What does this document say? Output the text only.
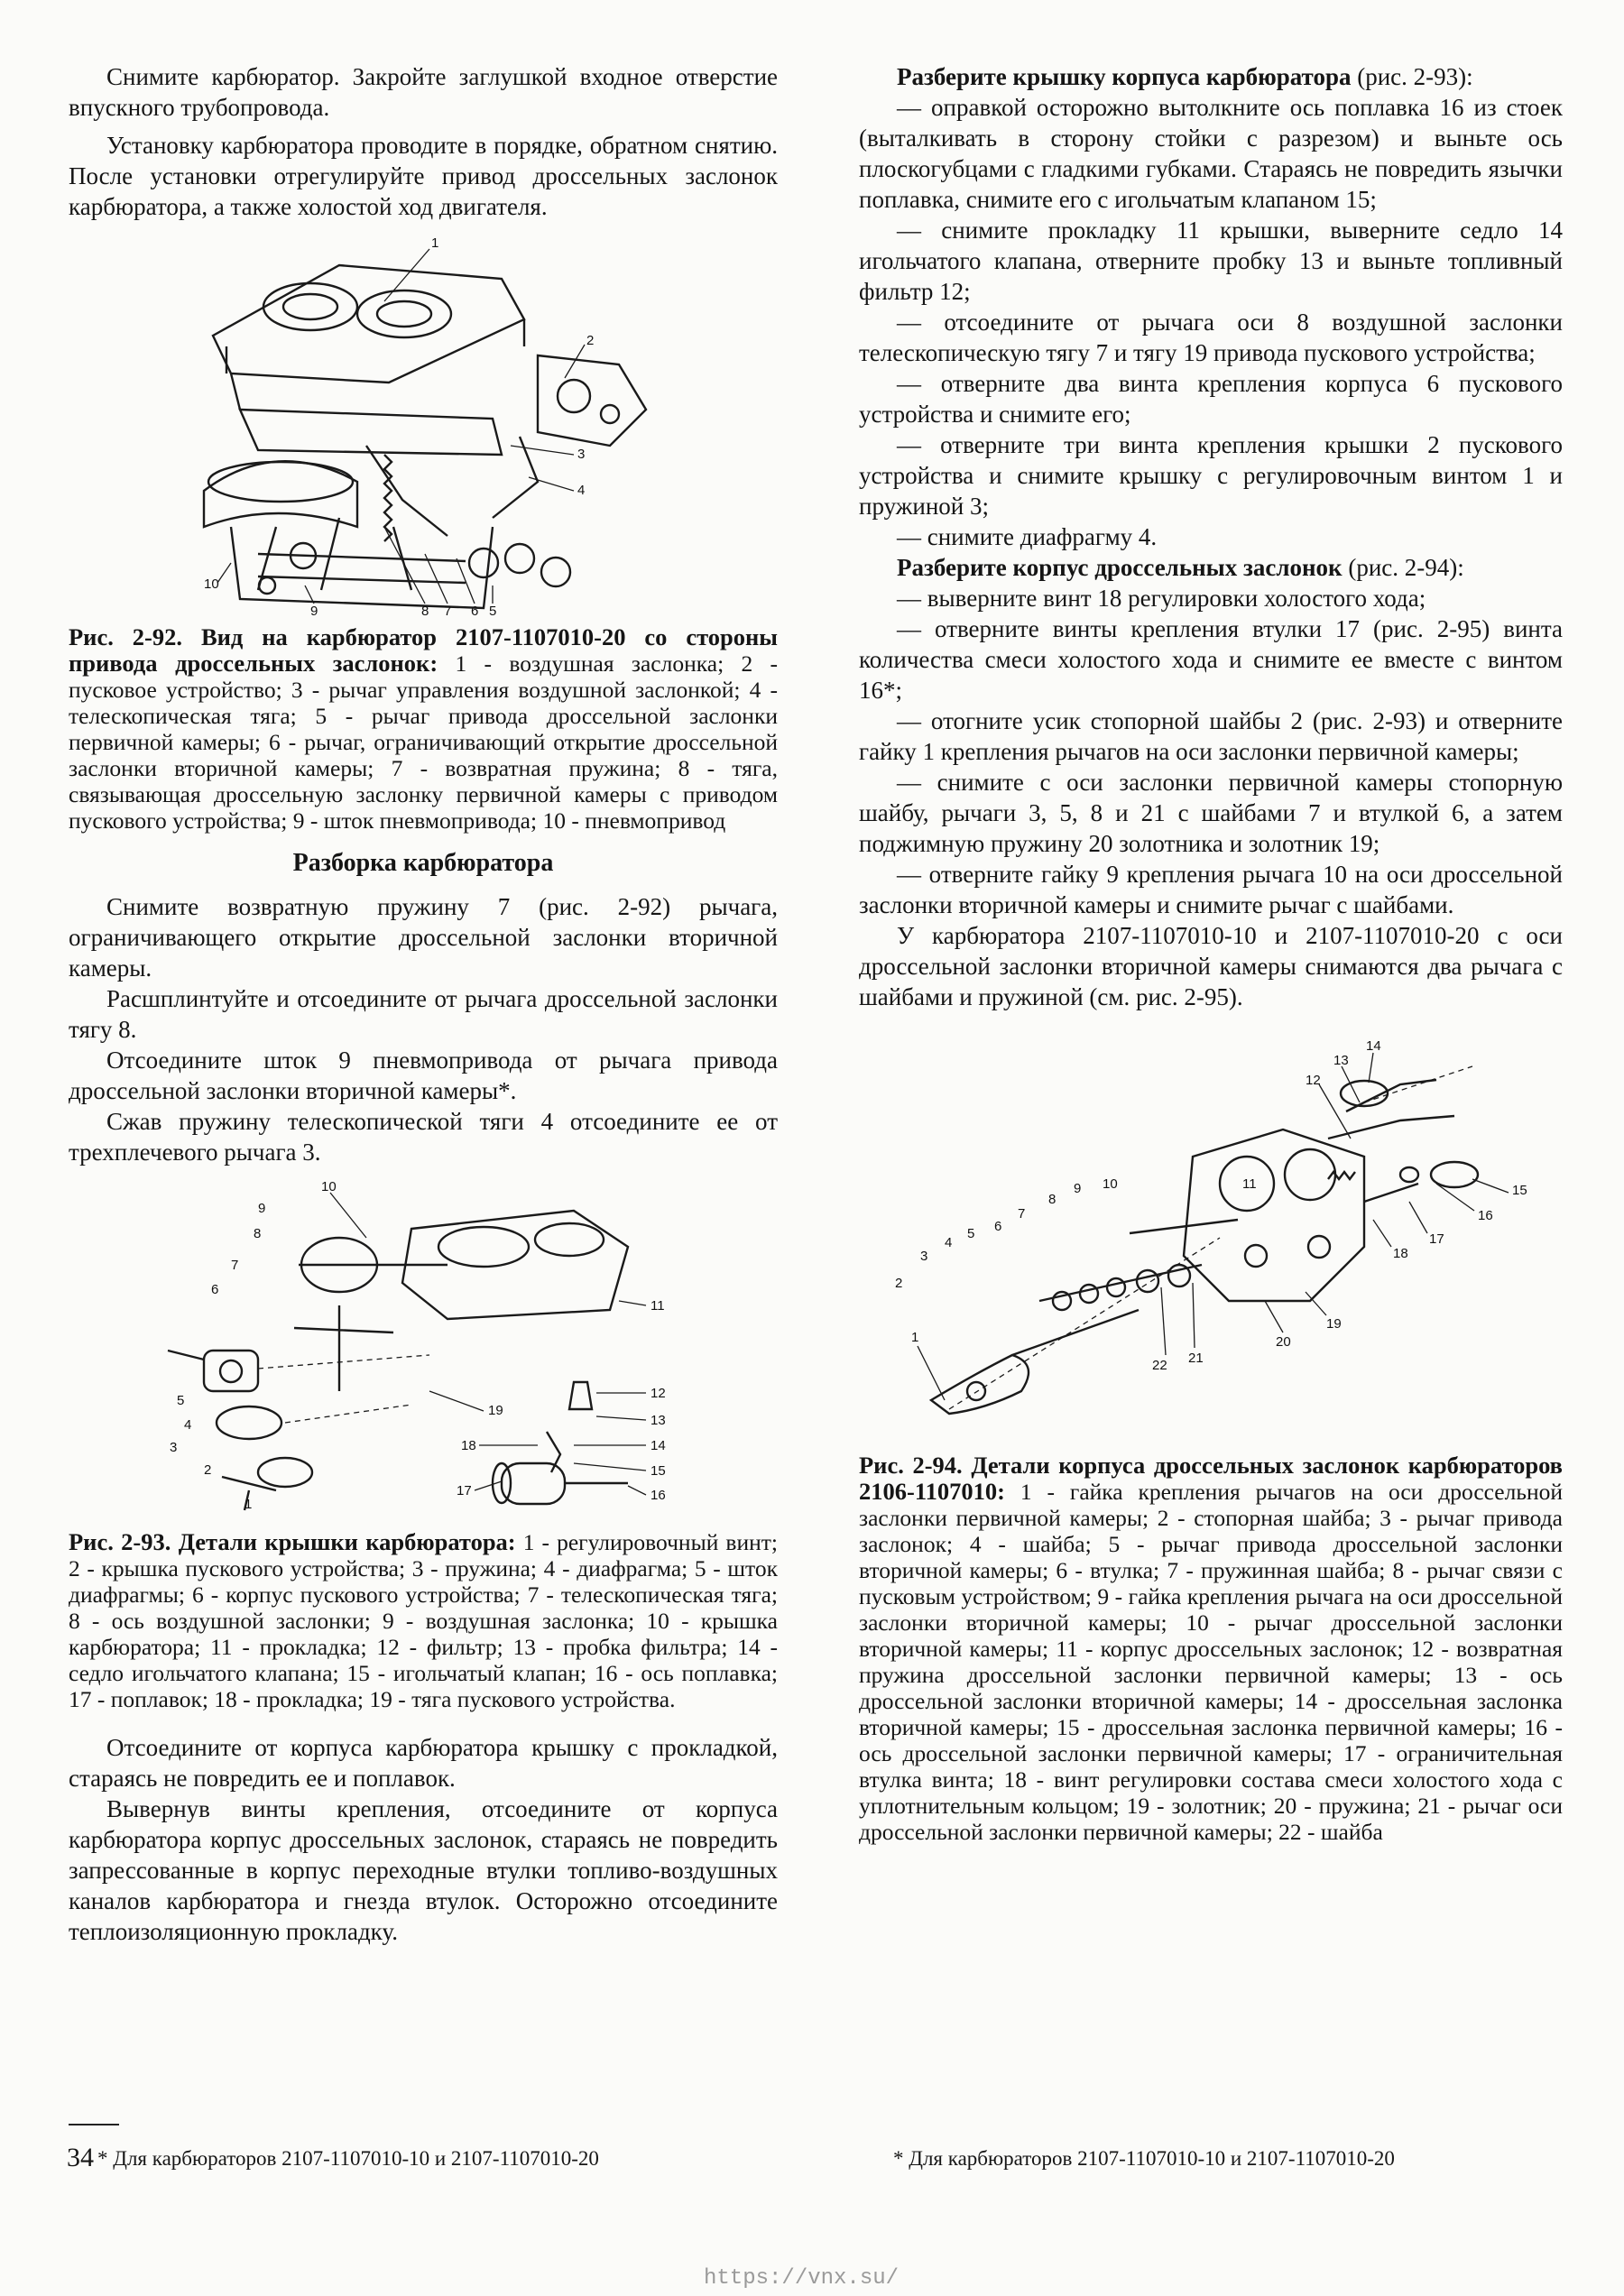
Снимите карбюратор. Закройте заглушкой входное отверстие впускного трубопровода.

Установку карбюратора проводите в порядке, обратном снятию. После установки отрегулируйте привод дроссельных заслонок карбюратора, а также холостой ход двигателя.

1
2
3
4
5
6
7
8
9
10

Рис. 2-92. Вид на карбюратор 2107-1107010-20 со стороны привода дроссельных заслонок: 1 - воздушная заслонка; 2 - пусковое устройство; 3 - рычаг управления воздушной заслонкой; 4 - телескопическая тяга; 5 - рычаг привода дроссельной заслонки первичной камеры; 6 - рычаг, ограничивающий открытие дроссельной заслонки вторичной камеры; 7 - возвратная пружина; 8 - тяга, связывающая дроссельную заслонку первичной камеры с приводом пускового устройства; 9 - шток пневмопривода; 10 - пневмопривод

Разборка карбюратора

Снимите возвратную пружину 7 (рис. 2-92) рычага, ограничивающего открытие дроссельной заслонки вторичной камеры.

Расшплинтуйте и отсоедините от рычага дроссельной заслонки тягу 8.

Отсоедините шток 9 пневмопривода от рычага привода дроссельной заслонки вторичной камеры*.

Сжав пружину телескопической тяги 4 отсоедините ее от трехплечевого рычага 3.

10
9
8
7
6
5
4
3
2
1
11
12
13
14
15
16
17
18
19

Рис. 2-93. Детали крышки карбюратора: 1 - регулировочный винт; 2 - крышка пускового устройства; 3 - пружина; 4 - диафрагма; 5 - шток диафрагмы; 6 - корпус пускового устройства; 7 - телескопическая тяга; 8 - ось воздушной заслонки; 9 - воздушная заслонка; 10 - крышка карбюратора; 11 - прокладка; 12 - фильтр; 13 - пробка фильтра; 14 - седло игольчатого клапана; 15 - игольчатый клапан; 16 - ось поплавка; 17 - поплавок; 18 - прокладка; 19 - тяга пускового устройства.

Отсоедините от корпуса карбюратора крышку с прокладкой, стараясь не повредить ее и поплавок.

Вывернув винты крепления, отсоедините от корпуса карбюратора корпус дроссельных заслонок, стараясь не повредить запрессованные в корпус переходные втулки топливо-воздушных каналов карбюратора и гнезда втулок. Осторожно отсоедините теплоизоляционную прокладку.

Разберите крышку корпуса карбюратора (рис. 2-93):

— оправкой осторожно вытолкните ось поплавка 16 из стоек (выталкивать в сторону стойки с разрезом) и выньте ось плоскогубцами с гладкими губками. Стараясь не повредить язычки поплавка, снимите его с игольчатым клапаном 15;

— снимите прокладку 11 крышки, выверните седло 14 игольчатого клапана, отверните пробку 13 и выньте топливный фильтр 12;

— отсоедините от рычага оси 8 воздушной заслонки телескопическую тягу 7 и тягу 19 привода пускового устройства;

— отверните два винта крепления корпуса 6 пускового устройства и снимите его;

— отверните три винта крепления крышки 2 пускового устройства и снимите крышку с регулировочным винтом 1 и пружиной 3;

— снимите диафрагму 4.

Разберите корпус дроссельных заслонок (рис. 2-94):

— выверните винт 18 регулировки холостого хода;

— отверните винты крепления втулки 17 (рис. 2-95) винта количества смеси холостого хода и снимите ее вместе с винтом 16*;

— отогните усик стопорной шайбы 2 (рис. 2-93) и отверните гайку 1 крепления рычагов на оси заслонки первичной камеры;

— снимите с оси заслонки первичной камеры стопорную шайбу, рычаги 3, 5, 8 и 21 с шайбами 7 и втулкой 6, а затем поджимную пружину 20 золотника и золотник 19;

— отверните гайку 9 крепления рычага 10 на оси дроссельной заслонки вторичной камеры и снимите рычаг с шайбами.

У карбюратора 2107-1107010-10 и 2107-1107010-20 с оси дроссельной заслонки вторичной камеры снимаются два рычага с шайбами и пружиной (см. рис. 2-95).

14
13
12
15
16
17
18
19
20
21
22
11
10
9
8
7
6
5
4
3
2
1

Рис. 2-94. Детали корпуса дроссельных заслонок карбюраторов 2106-1107010: 1 - гайка крепления рычагов на оси дроссельной заслонки первичной камеры; 2 - стопорная шайба; 3 - рычаг привода заслонок; 4 - шайба; 5 - рычаг привода дроссельной заслонки вторичной камеры; 6 - втулка; 7 - пружинная шайба; 8 - рычаг связи с пусковым устройством; 9 - гайка крепления рычага на оси дроссельной заслонки вторичной камеры; 10 - рычаг дроссельной заслонки вторичной камеры; 11 - корпус дроссельных заслонок; 12 - возвратная пружина дроссельной заслонки первичной камеры; 13 - ось дроссельной заслонки вторичной камеры; 14 - дроссельная заслонка вторичной камеры; 15 - дроссельная заслонка первичной камеры; 16 - ось дроссельной заслонки первичной камеры; 17 - ограничительная втулка винта; 18 - винт регулировки состава смеси холостого хода с уплотнительным кольцом; 19 - золотник; 20 - пружина; 21 - рычаг оси дроссельной заслонки первичной камеры; 22 - шайба

* Для карбюраторов 2107-1107010-10 и 2107-1107010-20	* Для карбюраторов 2107-1107010-10 и 2107-1107010-20
34
https://vnx.su/
